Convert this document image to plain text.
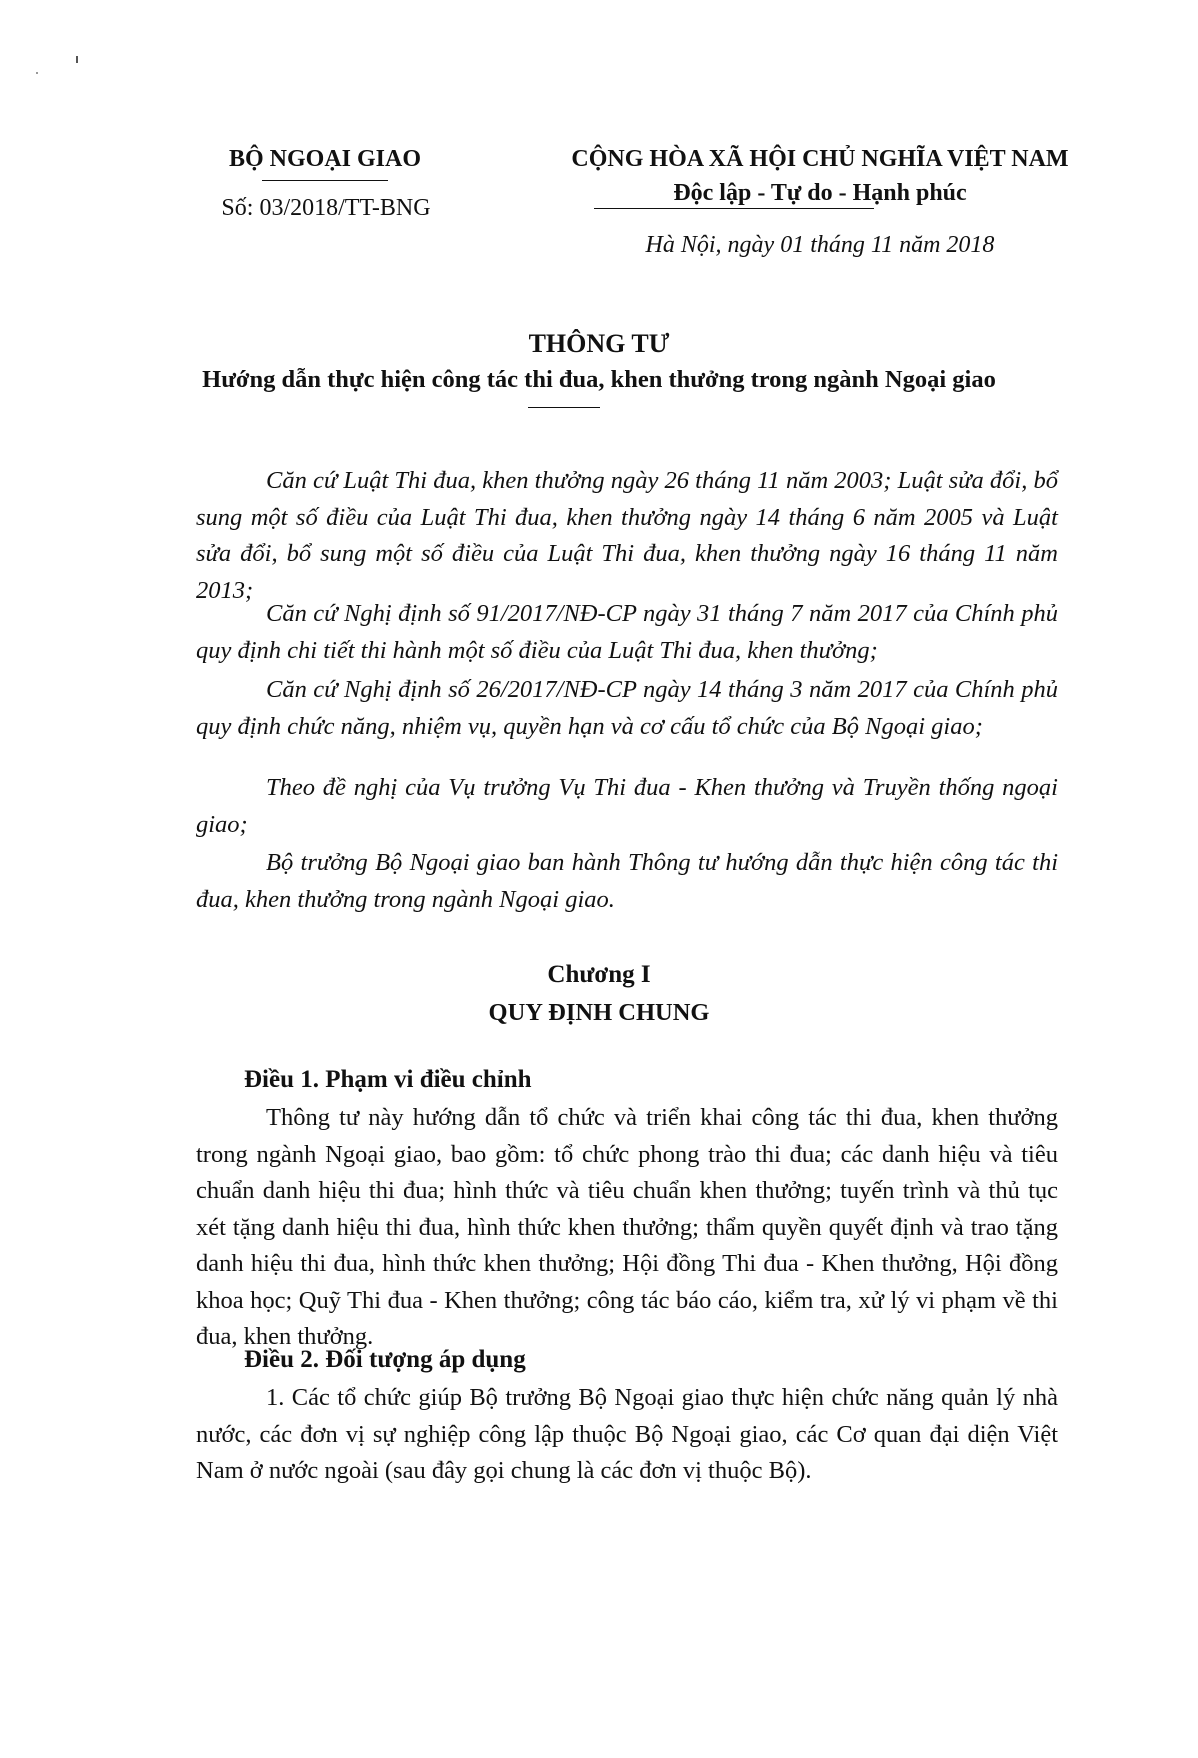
BỘ NGOẠI GIAO
Số: 03/2018/TT-BNG
CỘNG HÒA XÃ HỘI CHỦ NGHĨA VIỆT NAM
Độc lập - Tự do - Hạnh phúc
Hà Nội, ngày 01 tháng 11 năm 2018
THÔNG TƯ
Hướng dẫn thực hiện công tác thi đua, khen thưởng trong ngành Ngoại giao
Căn cứ Luật Thi đua, khen thưởng ngày 26 tháng 11 năm 2003; Luật sửa đổi, bổ sung một số điều của Luật Thi đua, khen thưởng ngày 14 tháng 6 năm 2005 và Luật sửa đổi, bổ sung một số điều của Luật Thi đua, khen thưởng ngày 16 tháng 11 năm 2013;
Căn cứ Nghị định số 91/2017/NĐ-CP ngày 31 tháng 7 năm 2017 của Chính phủ quy định chi tiết thi hành một số điều của Luật Thi đua, khen thưởng;
Căn cứ Nghị định số 26/2017/NĐ-CP ngày 14 tháng 3 năm 2017 của Chính phủ quy định chức năng, nhiệm vụ, quyền hạn và cơ cấu tổ chức của Bộ Ngoại giao;
Theo đề nghị của Vụ trưởng Vụ Thi đua - Khen thưởng và Truyền thống ngoại giao;
Bộ trưởng Bộ Ngoại giao ban hành Thông tư hướng dẫn thực hiện công tác thi đua, khen thưởng trong ngành Ngoại giao.
Chương I
QUY ĐỊNH CHUNG
Điều 1. Phạm vi điều chỉnh
Thông tư này hướng dẫn tổ chức và triển khai công tác thi đua, khen thưởng trong ngành Ngoại giao, bao gồm: tổ chức phong trào thi đua; các danh hiệu và tiêu chuẩn danh hiệu thi đua; hình thức và tiêu chuẩn khen thưởng; tuyến trình và thủ tục xét tặng danh hiệu thi đua, hình thức khen thưởng; thẩm quyền quyết định và trao tặng danh hiệu thi đua, hình thức khen thưởng; Hội đồng Thi đua - Khen thưởng, Hội đồng khoa học; Quỹ Thi đua - Khen thưởng; công tác báo cáo, kiểm tra, xử lý vi phạm về thi đua, khen thưởng.
Điều 2. Đối tượng áp dụng
1. Các tổ chức giúp Bộ trưởng Bộ Ngoại giao thực hiện chức năng quản lý nhà nước, các đơn vị sự nghiệp công lập thuộc Bộ Ngoại giao, các Cơ quan đại diện Việt Nam ở nước ngoài (sau đây gọi chung là các đơn vị thuộc Bộ).
